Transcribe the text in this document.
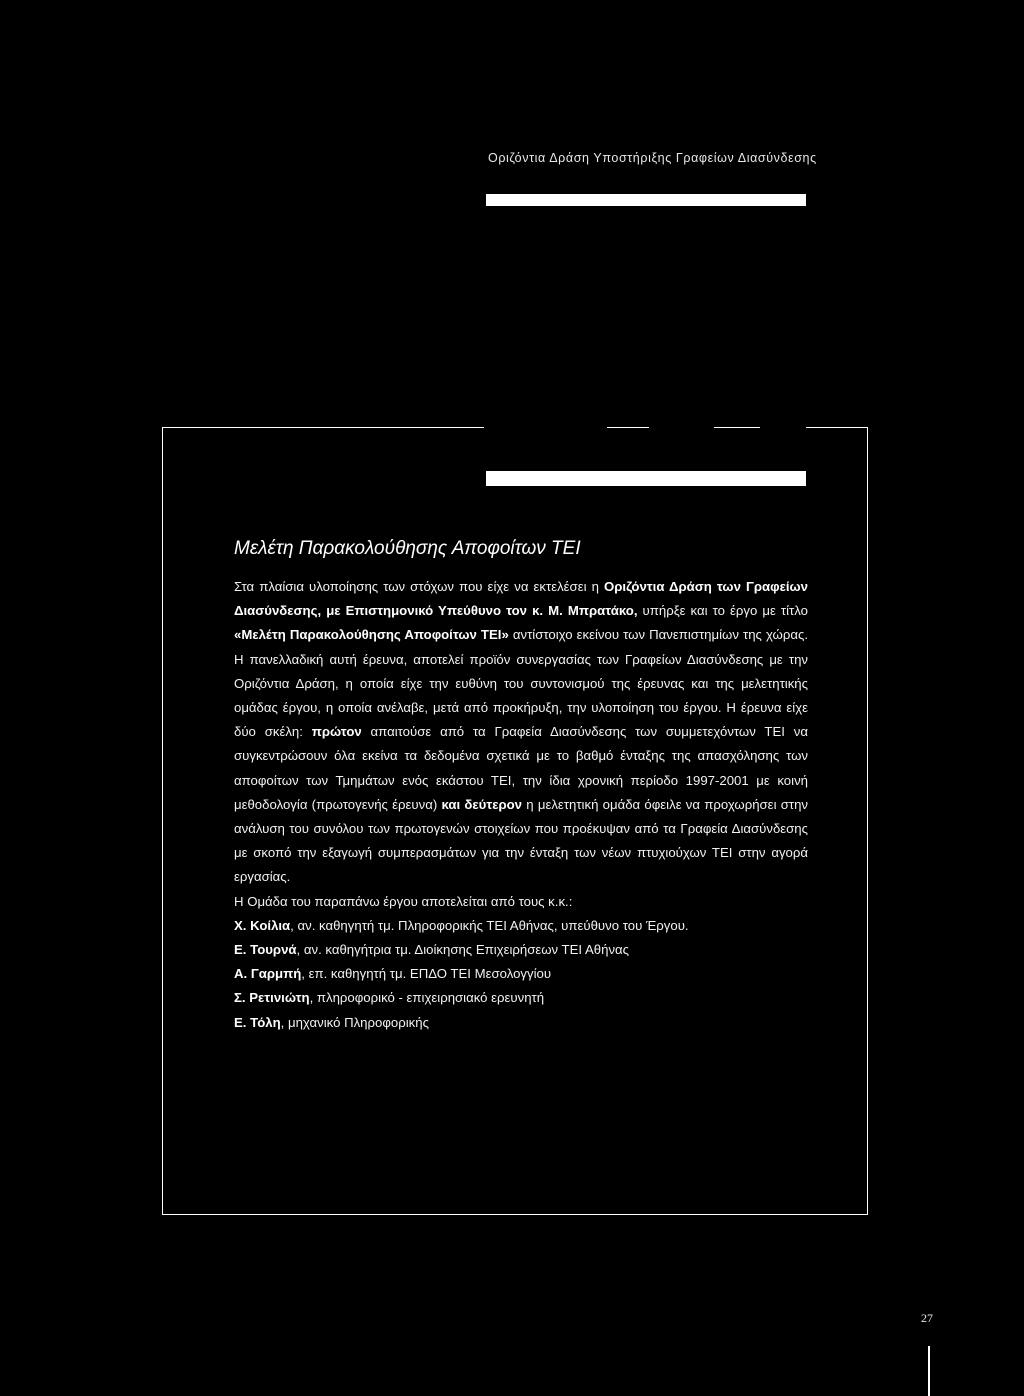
Οριζόντια Δράση Υποστήριξης Γραφείων Διασύνδεσης
Μελέτη Παρακολούθησης Αποφοίτων ΤΕΙ

Στα πλαίσια υλοποίησης των στόχων που είχε να εκτελέσει η Οριζόντια Δράση των Γραφείων Διασύνδεσης, με Επιστημονικό Υπεύθυνο τον κ. Μ. Μπρατάκο, υπήρξε και το έργο με τίτλο «Μελέτη Παρακολούθησης Αποφοίτων ΤΕΙ» αντίστοιχο εκείνου των Πανεπιστημίων της χώρας. Η πανελλαδική αυτή έρευνα, αποτελεί προϊόν συνεργασίας των Γραφείων Διασύνδεσης με την Οριζόντια Δράση, η οποία είχε την ευθύνη του συντονισμού της έρευνας και της μελετητικής ομάδας έργου, η οποία ανέλαβε, μετά από προκήρυξη, την υλοποίηση του έργου. Η έρευνα είχε δύο σκέλη: πρώτον απαιτούσε από τα Γραφεία Διασύνδεσης των συμμετεχόντων ΤΕΙ να συγκεντρώσουν όλα εκείνα τα δεδομένα σχετικά με το βαθμό ένταξης της απασχόλησης των αποφοίτων των Τμημάτων ενός εκάστου ΤΕΙ, την ίδια χρονική περίοδο 1997-2001 με κοινή μεθοδολογία (πρωτογενής έρευνα) και δεύτερον η μελετητική ομάδα όφειλε να προχωρήσει στην ανάλυση του συνόλου των πρωτογενών στοιχείων που προέκυψαν από τα Γραφεία Διασύνδεσης με σκοπό την εξαγωγή συμπερασμάτων για την ένταξη των νέων πτυχιούχων ΤΕΙ στην αγορά εργασίας.

Η Ομάδα του παραπάνω έργου αποτελείται από τους κ.κ.:

Χ. Κοίλια, αν. καθηγητή τμ. Πληροφορικής ΤΕΙ Αθήνας, υπεύθυνο του Έργου.

Ε. Τουρνά, αν. καθηγήτρια τμ. Διοίκησης Επιχειρήσεων ΤΕΙ Αθήνας

Α. Γαρμπή, επ. καθηγητή τμ. ΕΠΔΟ ΤΕΙ Μεσολογγίου

Σ. Ρετινιώτη, πληροφορικό - επιχειρησιακό ερευνητή

Ε. Τόλη, μηχανικό Πληροφορικής

27
